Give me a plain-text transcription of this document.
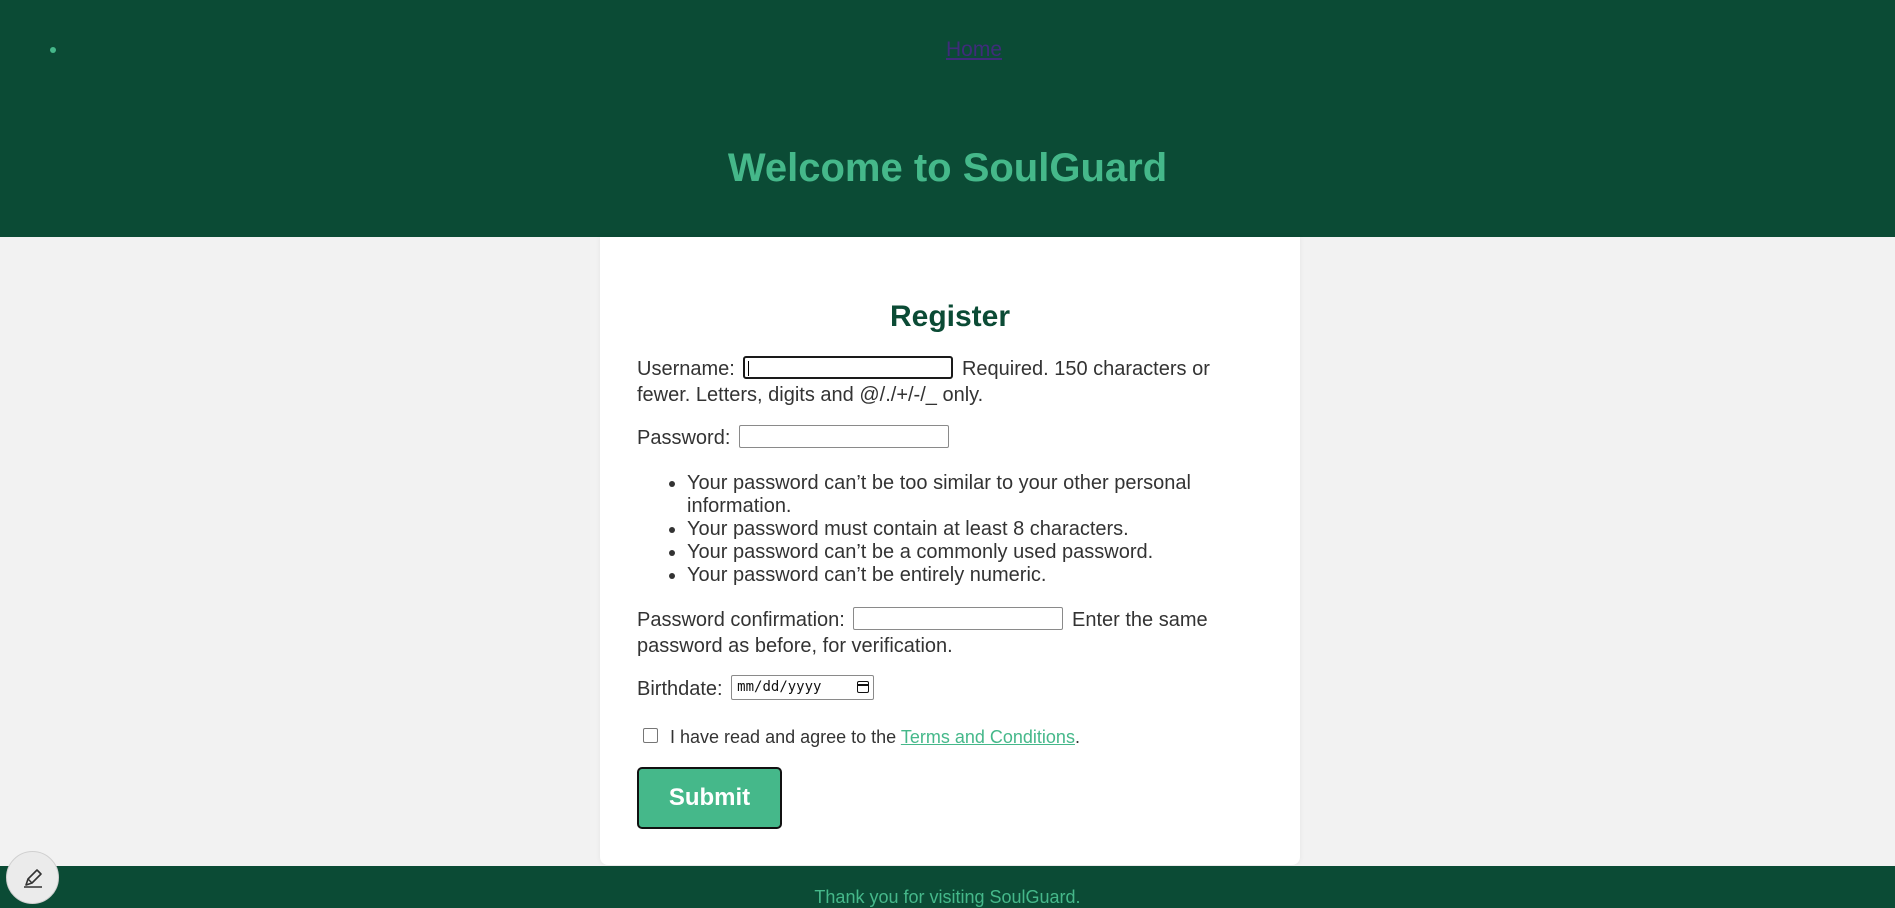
Home
Welcome to SoulGuard
Register
Username:	Required. 150 characters or
fewer. Letters, digits and @/./+/-/_ only.
Password:
• Your password can’t be too similar to your other personal information.
• Your password must contain at least 8 characters.
• Your password can’t be a commonly used password.
• Your password can’t be entirely numeric.
Password confirmation:	Enter the same
password as before, for verification.
Birthdate: mm/dd/yyyy
I have read and agree to the Terms and Conditions.
Submit
Thank you for visiting SoulGuard.
